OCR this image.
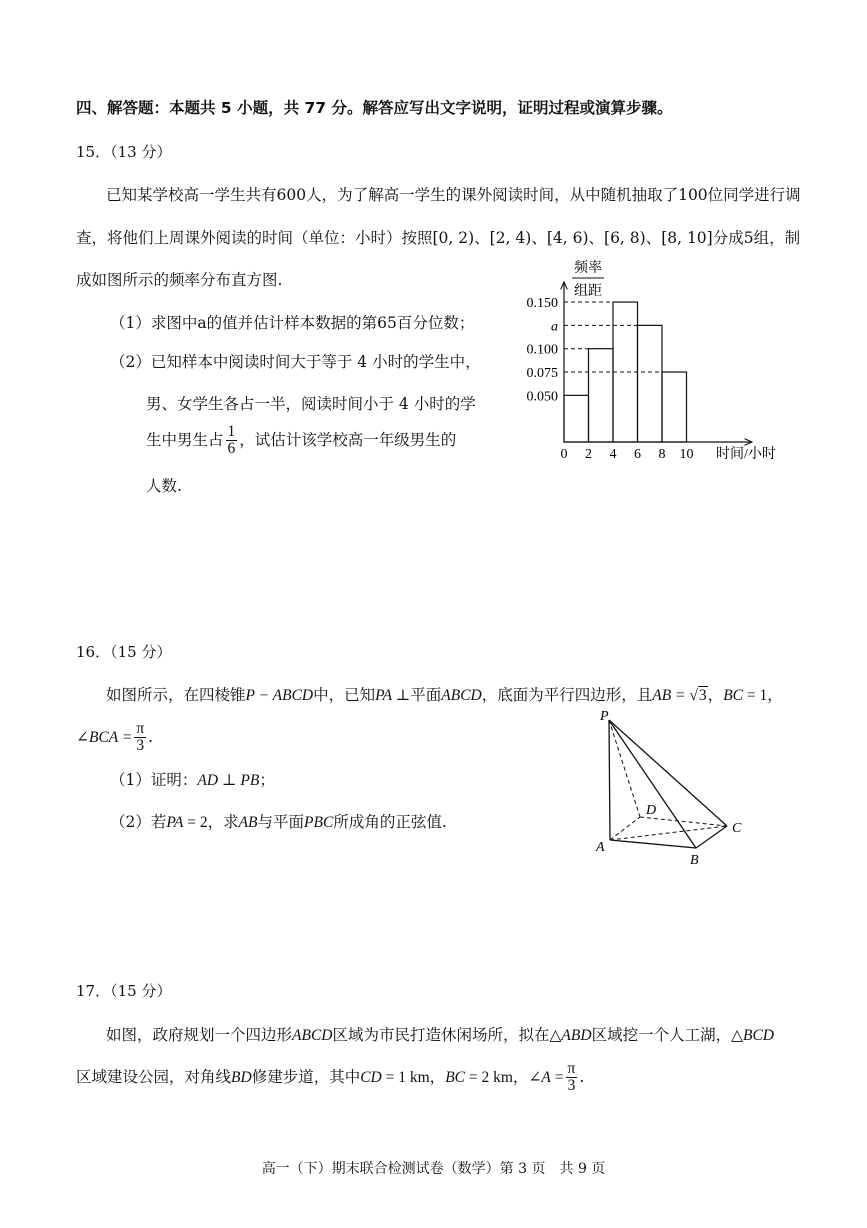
四、解答题：本题共 5 小题，共 77 分。解答应写出文字说明，证明过程或演算步骤。
15．（13 分）
已知某学校高一学生共有600人，为了解高一学生的课外阅读时间，从中随机抽取了100位同学进行调
查，将他们上周课外阅读的时间（单位：小时）按照[0, 2)、[2, 4)、[4, 6)、[6, 8)、[8, 10]分成5组，制
成如图所示的频率分布直方图.
（1）求图中a的值并估计样本数据的第65百分位数；
（2）已知样本中阅读时间大于等于 4 小时的学生中，
男、女学生各占一半，阅读时间小于 4 小时的学
生中男生占 $\frac{1}{6}$ ，试估计该学校高一年级男生的
人数.
频率
组距
0.150
a
0.100
0.075
0.050
0 2 4 6 8 10 时间/小时
16．（15 分）
如图所示，在四棱锥P − ABCD中，已知PA ⊥平面ABCD，底面为平行四边形，且AB = √3，BC = 1，
∠BCA = $\frac{\pi}{3}$ .
（1）证明：AD ⊥ PB；
（2）若PA = 2，求AB与平面PBC所成角的正弦值.
P
D
C
A
B
17．（15 分）
如图，政府规划一个四边形ABCD区域为市民打造休闲场所，拟在△ABD区域挖一个人工湖，△BCD
区域建设公园，对角线BD修建步道，其中CD = 1 km，BC = 2 km，∠A = $\frac{\pi}{3}$ .
高一（下）期末联合检测试卷（数学）第 3 页　共 9 页
